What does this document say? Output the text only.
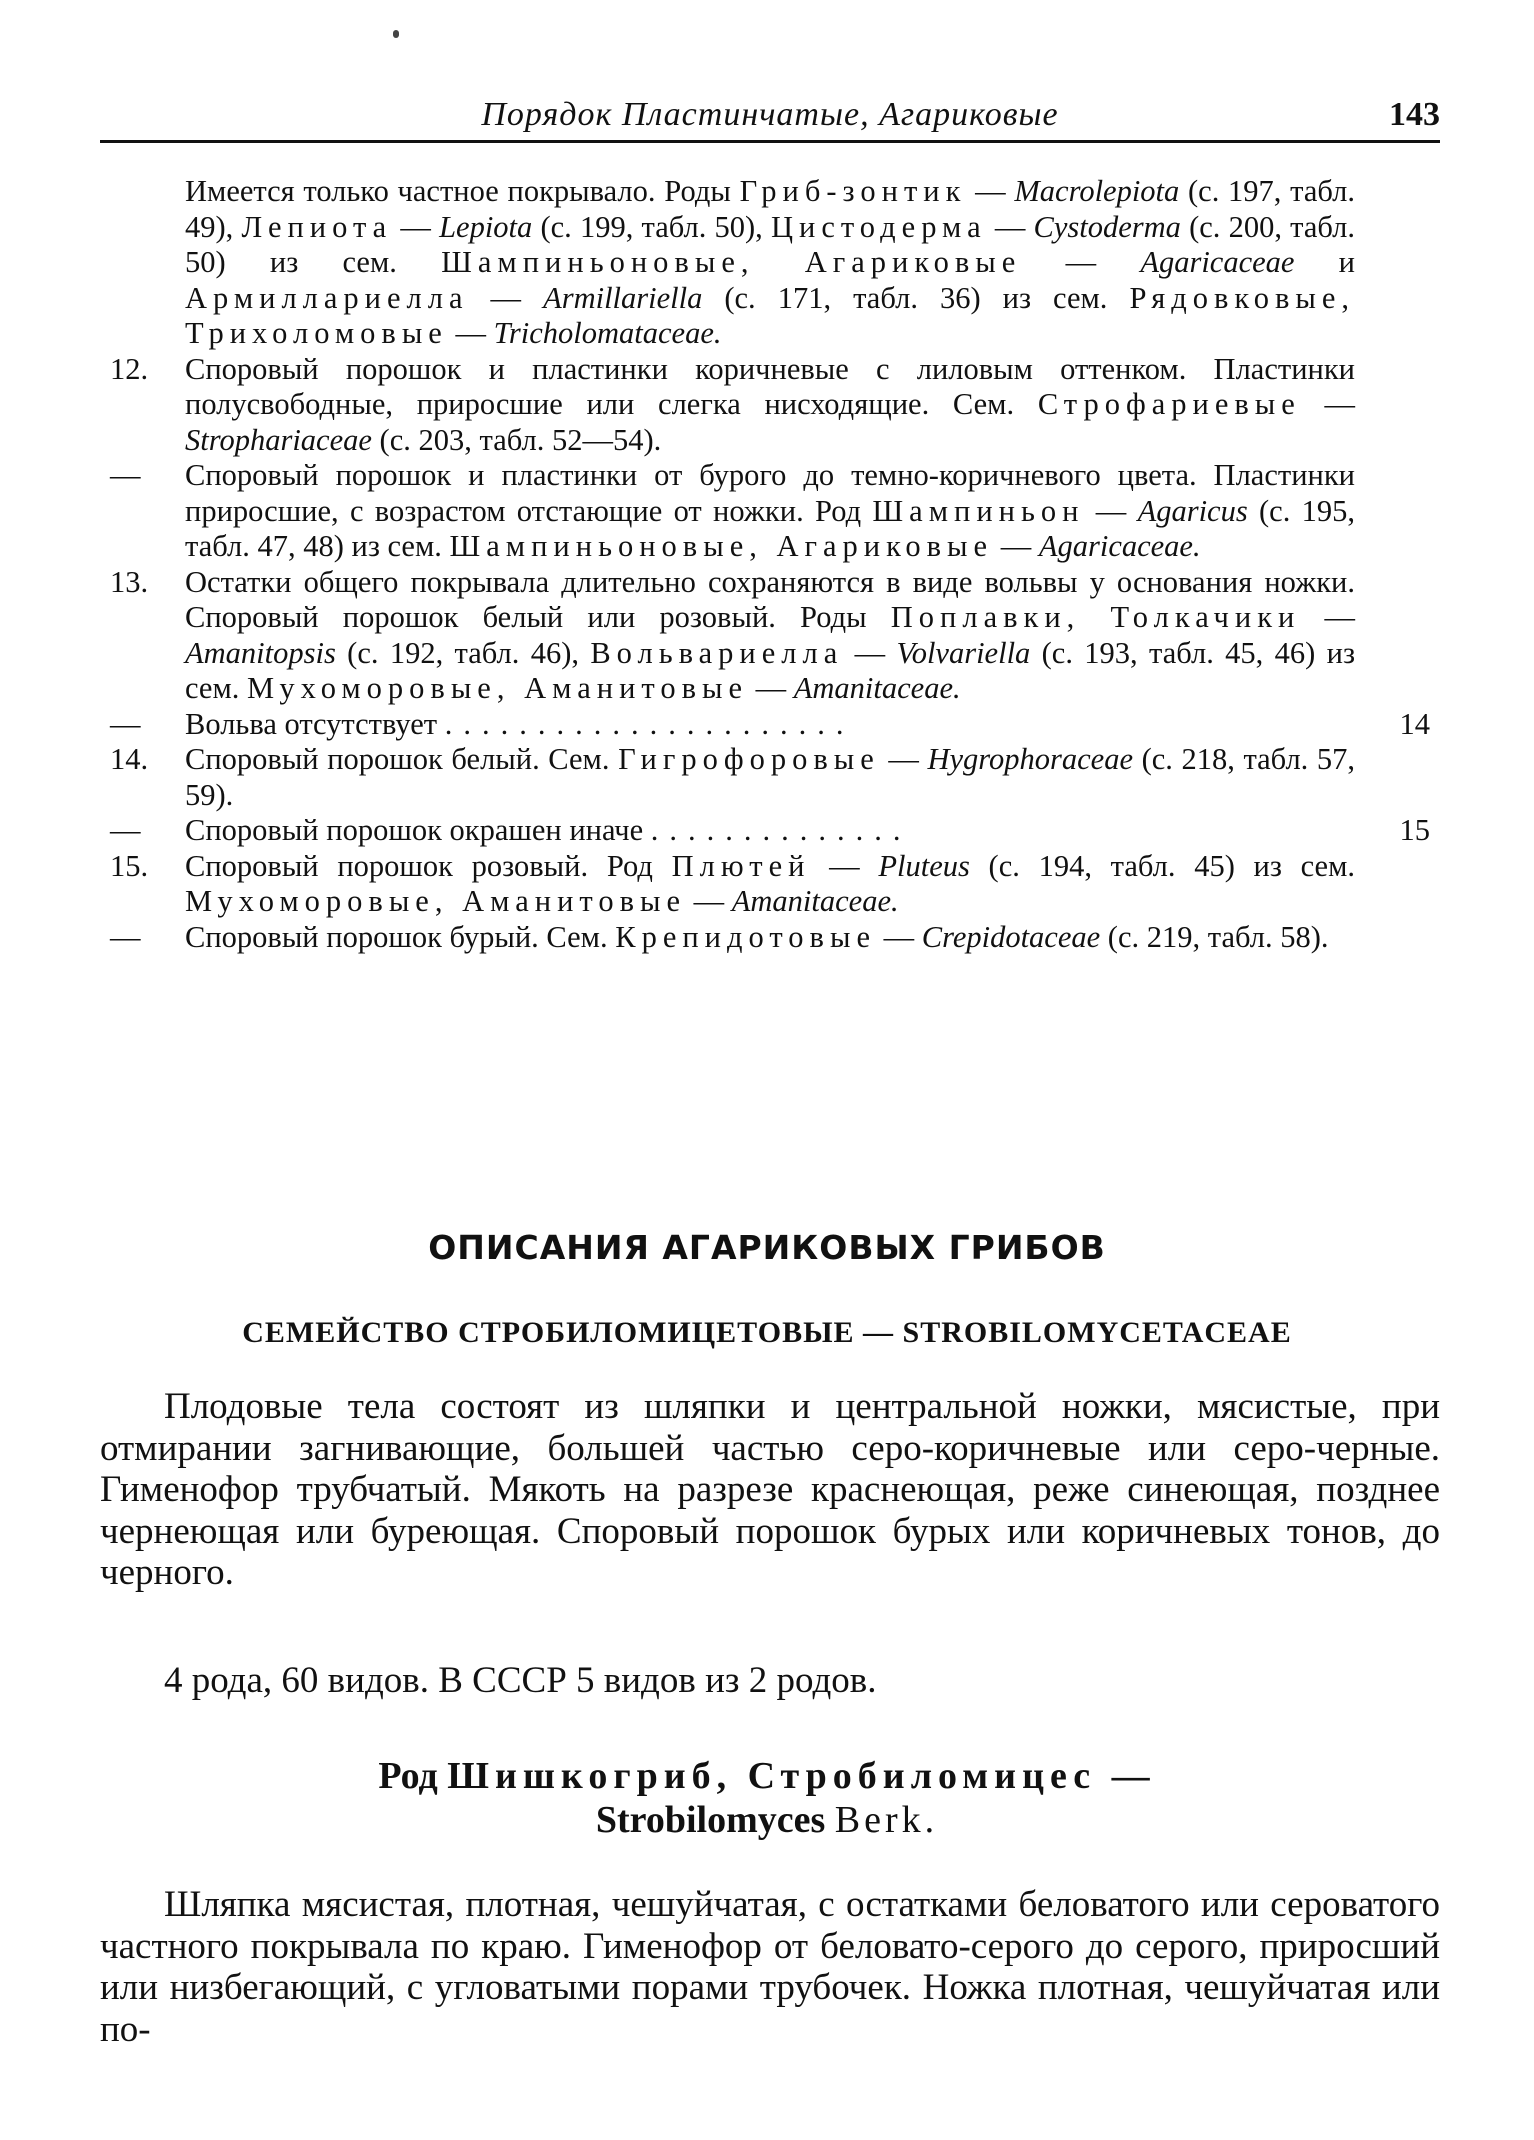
Порядок Пластинчатые, Агариковые	143
Имеется только частное покрывало. Роды Гриб-зонтик — Macrolepiota (с. 197, табл. 49), Лепиота — Lepiota (с. 199, табл. 50), Цистодерма — Cystoderma (с. 200, табл. 50) из сем. Шампиньоновые, Агариковые — Agaricaceae и Армиллариелла — Armillariella (с. 171, табл. 36) из сем. Рядовковые, Трихоломовые — Tricholomataceae.
12.	Споровый порошок и пластинки коричневые с лиловым оттенком. Пластинки полусвободные, приросшие или слегка нисходящие. Сем. Строфариевые — Strophariaceae (с. 203, табл. 52—54).
—	Споровый порошок и пластинки от бурого до темно-коричневого цвета. Пластинки приросшие, с возрастом отстающие от ножки. Род Шампиньон — Agaricus (с. 195, табл. 47, 48) из сем. Шампиньоновые, Агариковые — Agaricaceae.
13.	Остатки общего покрывала длительно сохраняются в виде вольвы у основания ножки. Споровый порошок белый или розовый. Роды Поплавки, Толкачики — Amanitopsis (с. 192, табл. 46), Вольвариелла — Volvariella (с. 193, табл. 45, 46) из сем. Мухоморовые, Аманитовые — Amanitaceae.
—	Вольва отсутствует ......................	14
14.	Споровый порошок белый. Сем. Гигрофоровые — Hygrophoraceae (с. 218, табл. 57, 59).
—	Споровый порошок окрашен иначе ..............	15
15.	Споровый порошок розовый. Род Плютей — Pluteus (с. 194, табл. 45) из сем. Мухоморовые, Аманитовые — Amanitaceae.
—	Споровый порошок бурый. Сем. Крепидотовые — Crepidotaceae (с. 219, табл. 58).
ОПИСАНИЯ АГАРИКОВЫХ ГРИБОВ
СЕМЕЙСТВО СТРОБИЛОМИЦЕТОВЫЕ — STROBILOMYCETACEAE
Плодовые тела состоят из шляпки и центральной ножки, мясистые, при отмирании загнивающие, большей частью серо-коричневые или серо-черные. Гименофор трубчатый. Мякоть на разрезе краснеющая, реже синеющая, позднее чернеющая или буреющая. Споровый порошок бурых или коричневых тонов, до черного.
4 рода, 60 видов. В СССР 5 видов из 2 родов.
Род Шишкогриб, Стробиломицес —
Strobilomyces Berk.
Шляпка мясистая, плотная, чешуйчатая, с остатками беловатого или сероватого частного покрывала по краю. Гименофор от беловато-серого до серого, приросший или низбегающий, с угловатыми порами трубочек. Ножка плотная, чешуйчатая или по-
